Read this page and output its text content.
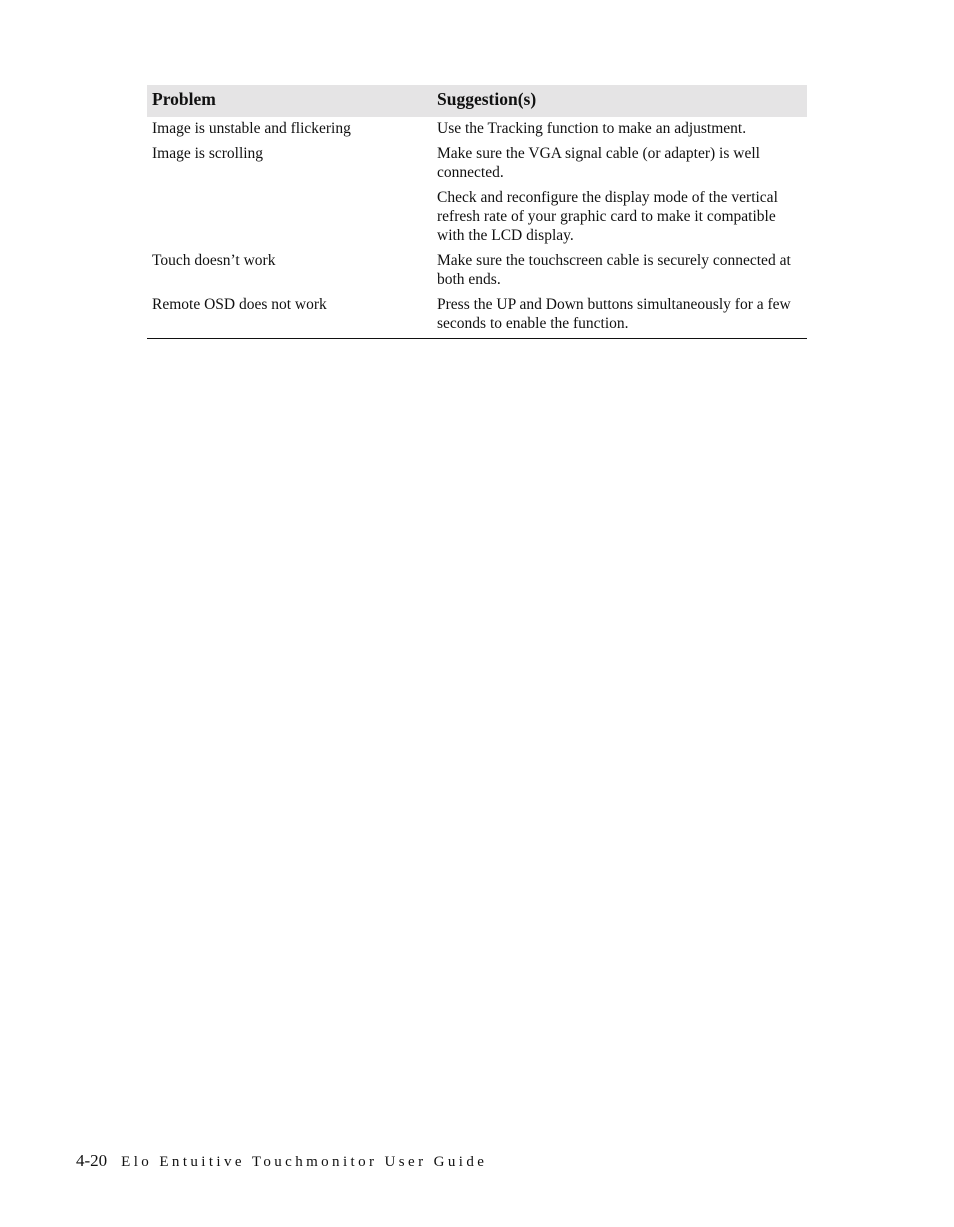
Problem	Suggestion(s)
Image is unstable and flickering	Use the Tracking function to make an adjustment.
Image is scrolling	Make sure the VGA signal cable (or adapter) is well connected.
	Check and reconfigure the display mode of the vertical refresh rate of your graphic card to make it compatible with the LCD display.
Touch doesn’t work	Make sure the touchscreen cable is securely connected at both ends.
Remote OSD does not work	Press the UP and Down buttons simultaneously for a few seconds to enable the function.
4-20 Elo Entuitive Touchmonitor User Guide
